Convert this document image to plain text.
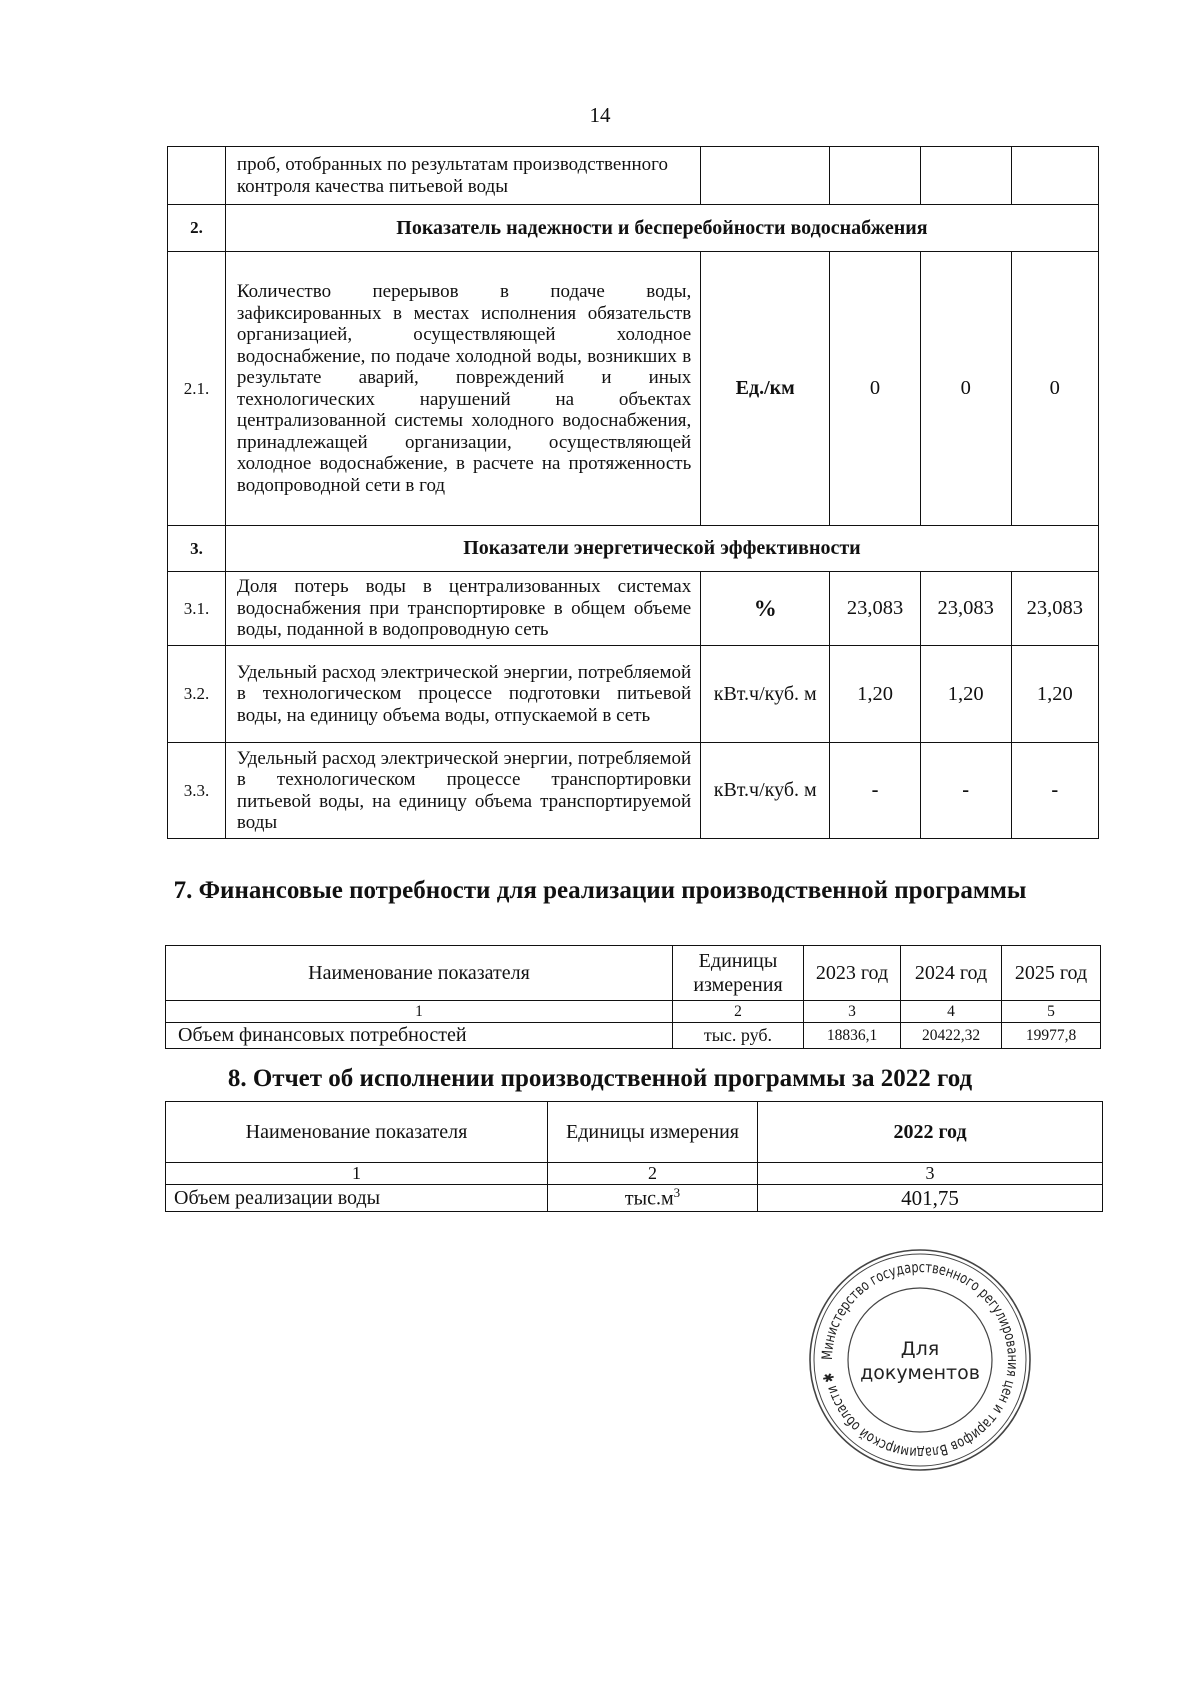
14
	проб, отобранных по результатам производственного контроля качества питьевой воды				
2.	Показатель надежности и бесперебойности водоснабжения				
2.1.	Количество перерывов в подаче воды, зафиксированных в местах исполнения обязательств организацией, осуществляющей холодное водоснабжение, по подаче холодной воды, возникших в результате аварий, повреждений и иных технологических нарушений на объектах централизованной системы холодного водоснабжения, принадлежащей организации, осуществляющей холодное водоснабжение, в расчете на протяженность водопроводной сети в год	Ед./км	0	0	0
3.	Показатели энергетической эффективности				
3.1.	Доля потерь воды в централизованных системах водоснабжения при транспортировке в общем объеме воды, поданной в водопроводную сеть	%	23,083	23,083	23,083
3.2.	Удельный расход электрической энергии, потребляемой в технологическом процессе подготовки питьевой воды, на единицу объема воды, отпускаемой в сеть	кВт.ч/куб. м	1,20	1,20	1,20
3.3.	Удельный расход электрической энергии, потребляемой в технологическом процессе транспортировки питьевой воды, на единицу объема транспортируемой воды	кВт.ч/куб. м	-	-	-
7. Финансовые потребности для реализации производственной программы
Наименование показателя	Единицы измерения	2023 год	2024 год	2025 год
1	2	3	4	5
Объем финансовых потребностей	тыс. руб.	18836,1	20422,32	19977,8
8. Отчет об исполнении производственной программы за 2022 год
Наименование показателя	Единицы измерения	2022 год
1	2	3
Объем реализации воды	$тыс.м^3$	401,75
Министерство государственного регулирования цен и тарифов Владимирской области ✱
Для
документов
